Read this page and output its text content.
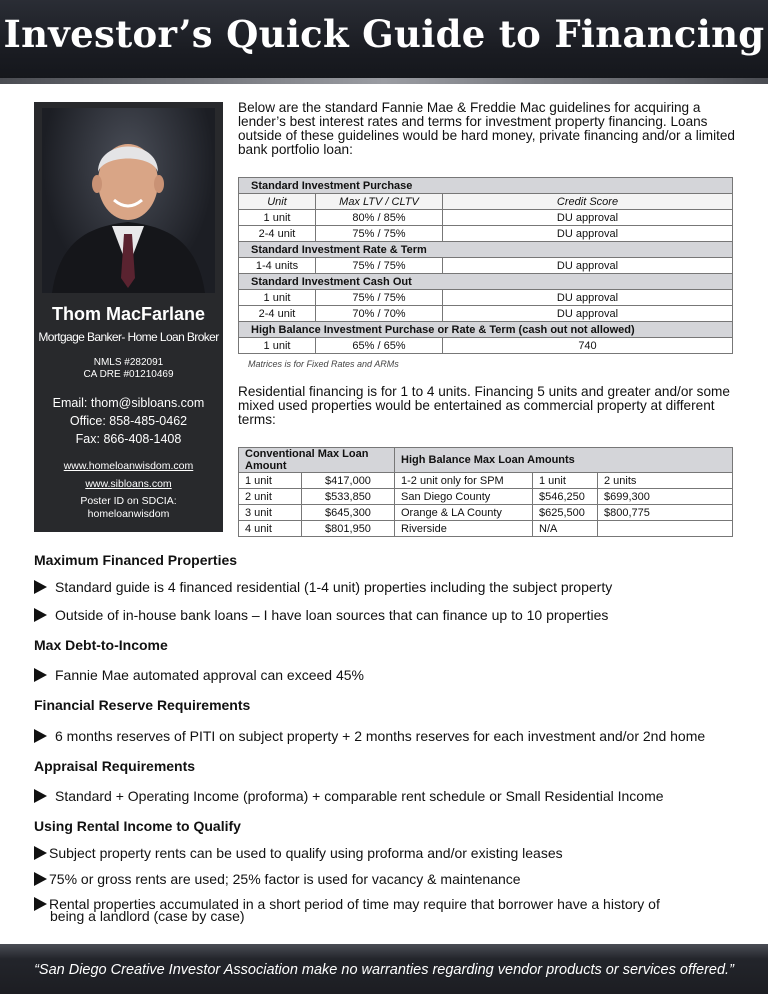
Investor’s Quick Guide to Financing
Thom MacFarlane
Mortgage Banker- Home Loan Broker
NMLS #282091
CA DRE #01210469
Email: thom@sibloans.com
Office: 858-485-0462
Fax: 866-408-1408
www.homeloanwisdom.com
www.sibloans.com
Poster ID on SDCIA:
homeloanwisdom
Below are the standard Fannie Mae & Freddie Mac guidelines for acquiring a lender’s best interest rates and terms for investment property financing. Loans outside of these guidelines would be hard money, private financing and/or a limited bank portfolio loan:
Standard Investment Purchase		
Unit	Max LTV / CLTV	Credit Score
1 unit	80% / 85%	DU approval
2-4 unit	75% / 75%	DU approval
Standard Investment Rate & Term		
1-4 units	75% / 75%	DU approval
Standard Investment Cash Out		
1 unit	75% / 75%	DU approval
2-4 unit	70% / 70%	DU approval
High Balance Investment Purchase or Rate & Term (cash out not allowed)		
1 unit	65% / 65%	740
Matrices is for Fixed Rates and ARMs
Residential financing is for 1 to 4 units. Financing 5 units and greater and/or some mixed used properties would be entertained as commercial property at different terms:
Conventional Max Loan Amount		High Balance Max Loan Amounts		
1 unit	$417,000	1-2 unit only for SPM	1 unit	2 units
2 unit	$533,850	San Diego County	$546,250	$699,300
3 unit	$645,300	Orange & LA County	$625,500	$800,775
4 unit	$801,950	Riverside	N/A	
Maximum Financed Properties
Standard guide is 4 financed residential (1-4 unit) properties including the subject property
Outside of in-house bank loans – I have loan sources that can finance up to 10 properties
Max Debt-to-Income
Fannie Mae automated approval can exceed 45%
Financial Reserve Requirements
6 months reserves of PITI on subject property + 2 months reserves for each investment and/or 2nd home
Appraisal Requirements
Standard + Operating Income (proforma) + comparable rent schedule or Small Residential Income
Using Rental Income to Qualify
Subject property rents can be used to qualify using proforma and/or existing leases
75% or gross rents are used; 25% factor is used for vacancy & maintenance
Rental properties accumulated in a short period of time may require that borrower have a history of
being a landlord (case by case)
“San Diego Creative Investor Association make no warranties regarding vendor products or services offered.”
